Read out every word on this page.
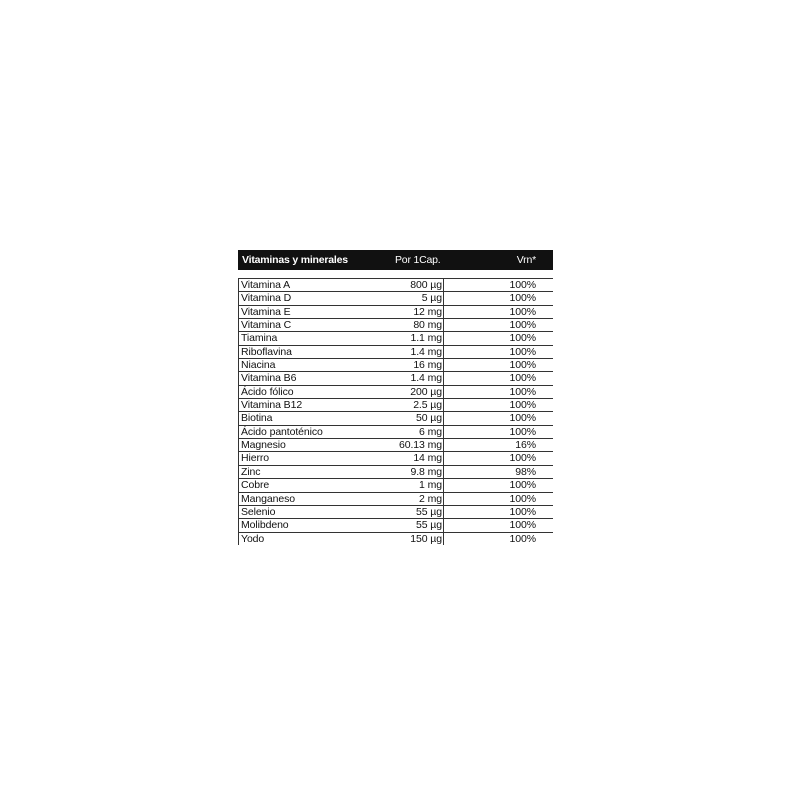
Vitaminas y minerales	Por 1Cap.	Vrn*
Vitamina A	800 µg	100%
Vitamina D	5 µg	100%
Vitamina E	12 mg	100%
Vitamina C	80 mg	100%
Tiamina	1.1 mg	100%
Riboflavina	1.4 mg	100%
Niacina	16 mg	100%
Vitamina B6	1.4 mg	100%
Ácido fólico	200 µg	100%
Vitamina B12	2.5 µg	100%
Biotina	50 µg	100%
Ácido pantoténico	6 mg	100%
Magnesio	60.13 mg	16%
Hierro	14 mg	100%
Zinc	9.8 mg	98%
Cobre	1 mg	100%
Manganeso	2 mg	100%
Selenio	55 µg	100%
Molibdeno	55 µg	100%
Yodo	150 µg	100%
